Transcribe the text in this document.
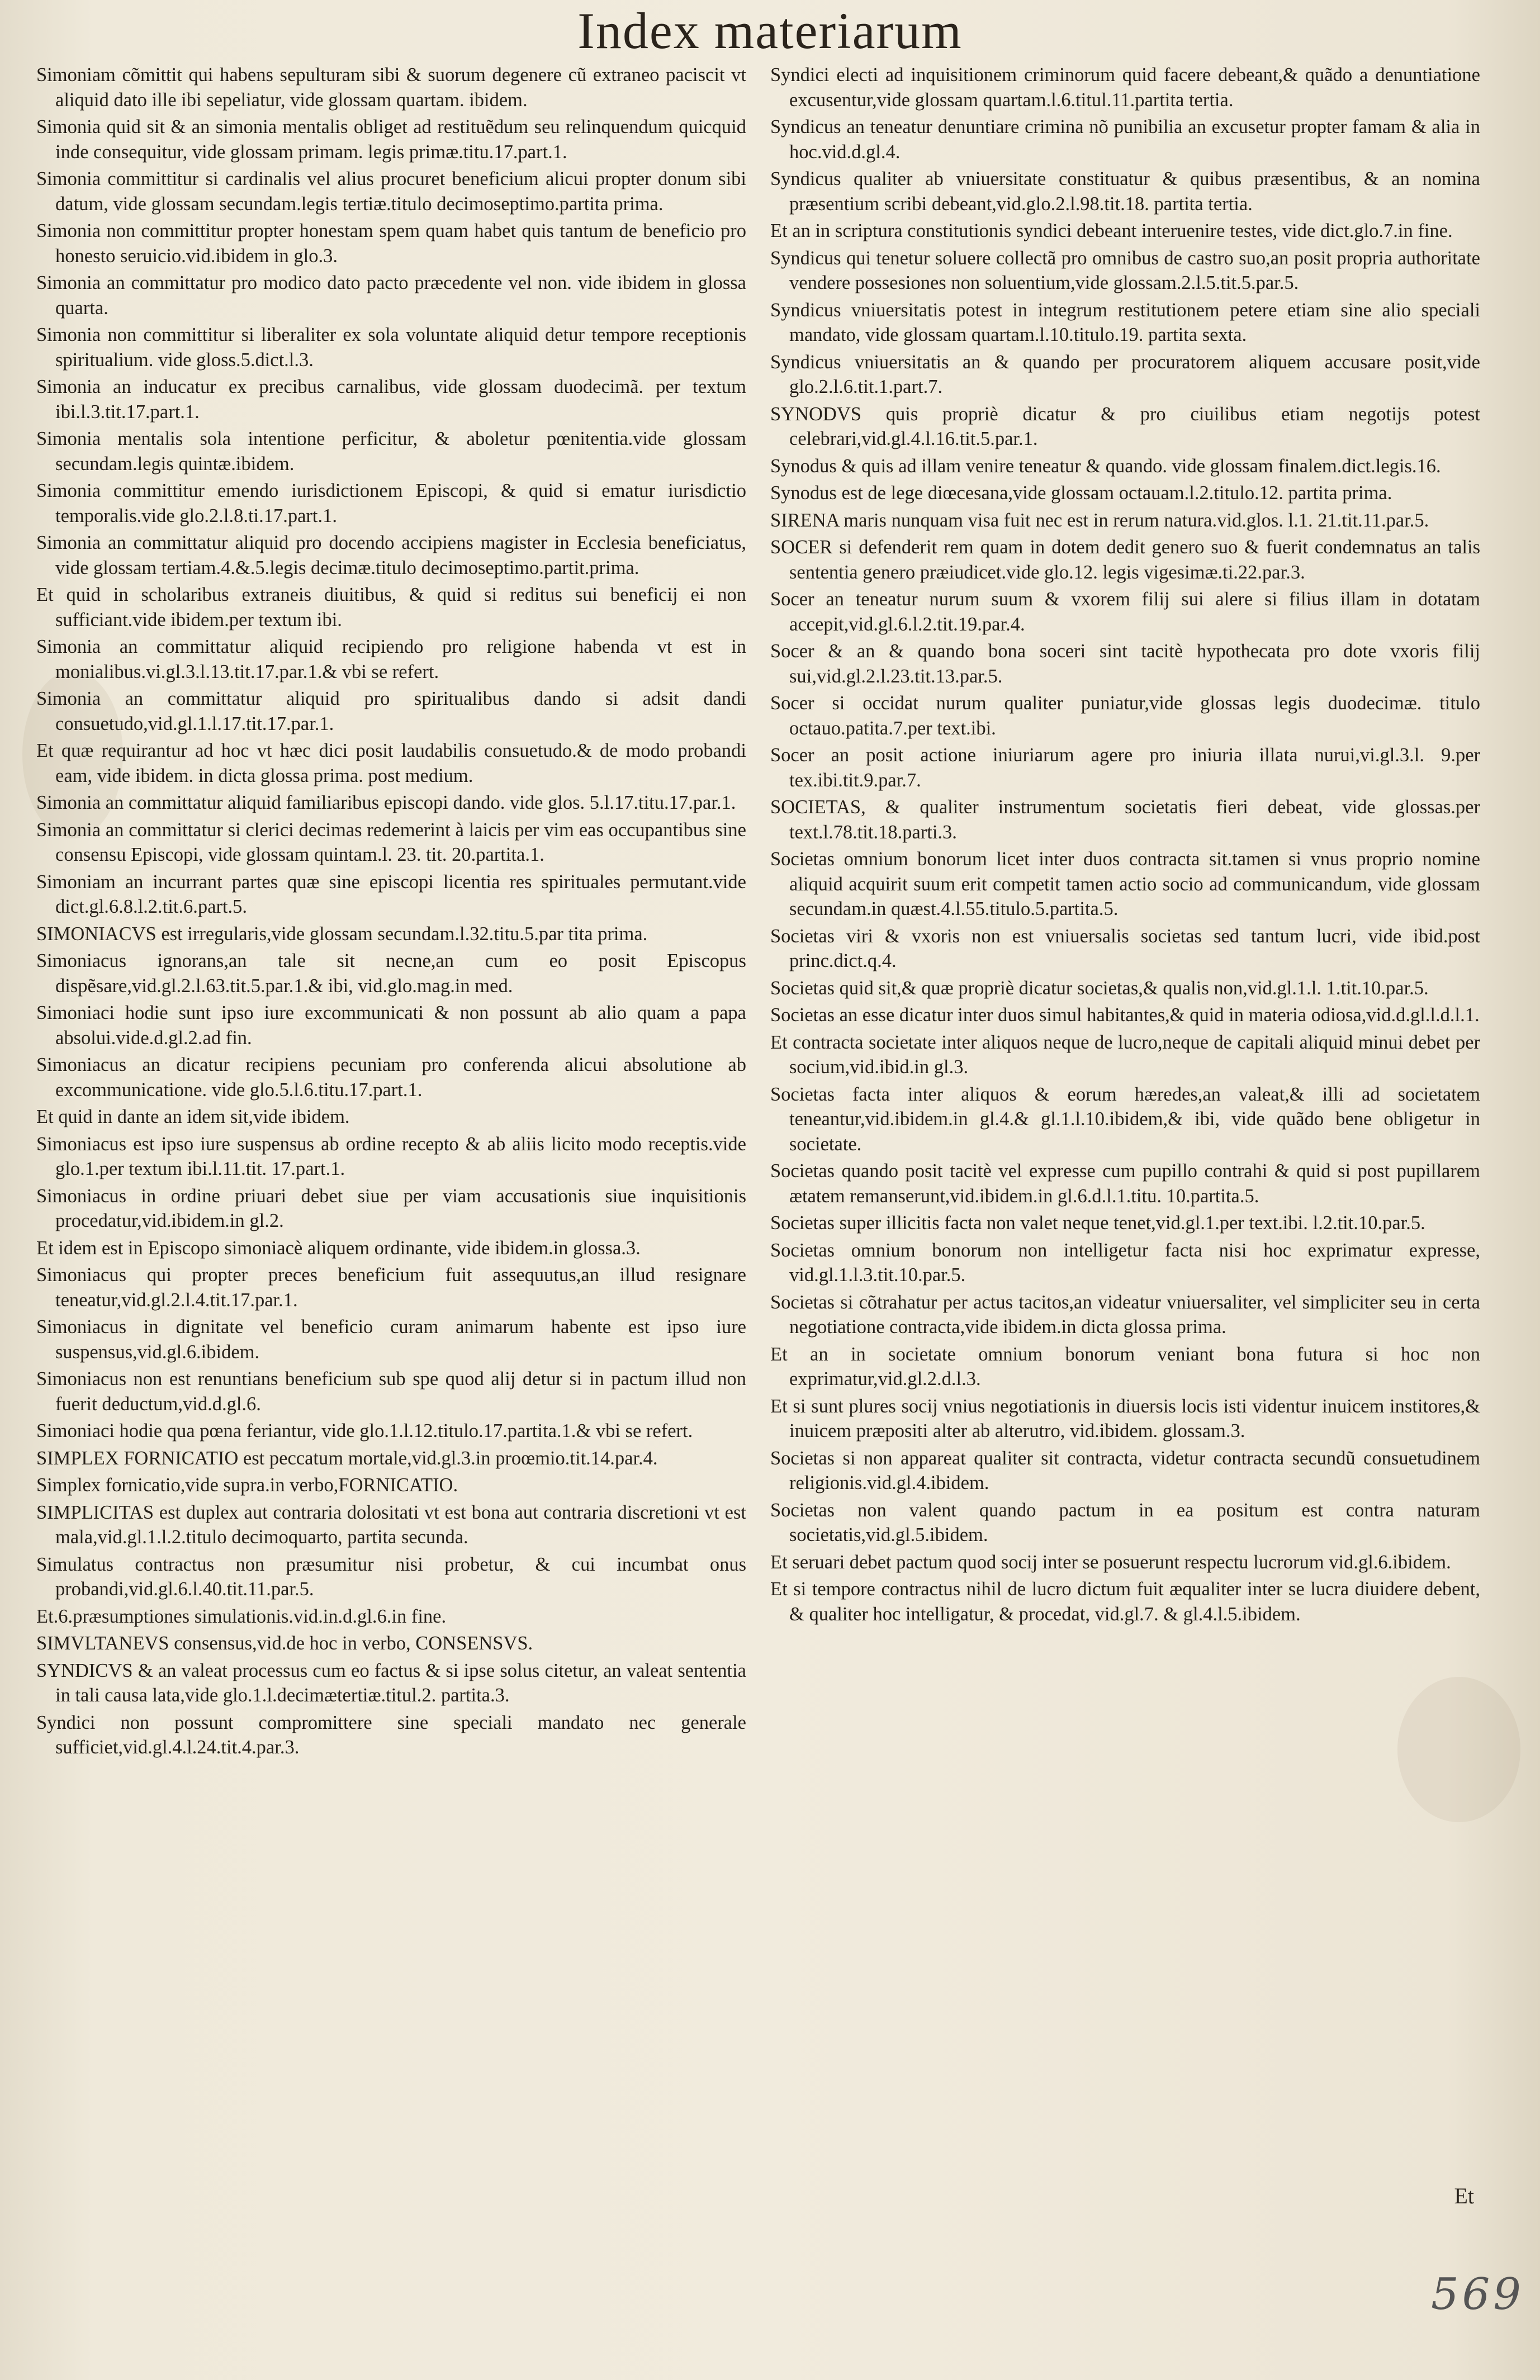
Index materiarum
Simoniam cõmittit qui habens sepulturam sibi & suorum degenere cũ extraneo paciscit vt aliquid dato ille ibi sepeliatur, vide glossam quartam. ibidem.
Simonia quid sit & an simonia mentalis obliget ad restituẽdum seu relinquendum quicquid inde consequitur, vide glossam primam. legis primæ.titu.17.part.1.
Simonia committitur si cardinalis vel alius procuret beneficium alicui propter donum sibi datum, vide glossam secundam.legis tertiæ.titulo decimoseptimo.partita prima.
Simonia non committitur propter honestam spem quam habet quis tantum de beneficio pro honesto seruicio.vid.ibidem in glo.3.
Simonia an committatur pro modico dato pacto præcedente vel non. vide ibidem in glossa quarta.
Simonia non committitur si liberaliter ex sola voluntate aliquid detur tempore receptionis spiritualium. vide gloss.5.dict.l.3.
Simonia an inducatur ex precibus carnalibus, vide glossam duodecimã. per textum ibi.l.3.tit.17.part.1.
Simonia mentalis sola intentione perficitur, & aboletur pœnitentia.vide glossam secundam.legis quintæ.ibidem.
Simonia committitur emendo iurisdictionem Episcopi, & quid si ematur iurisdictio temporalis.vide glo.2.l.8.ti.17.part.1.
Simonia an committatur aliquid pro docendo accipiens magister in Ecclesia beneficiatus, vide glossam tertiam.4.&.5.legis decimæ.titulo decimoseptimo.partit.prima.
Et quid in scholaribus extraneis diuitibus, & quid si reditus sui beneficij ei non sufficiant.vide ibidem.per textum ibi.
Simonia an committatur aliquid recipiendo pro religione habenda vt est in monialibus.vi.gl.3.l.13.tit.17.par.1.& vbi se refert.
Simonia an committatur aliquid pro spiritualibus dando si adsit dandi consuetudo,vid.gl.1.l.17.tit.17.par.1.
Et quæ requirantur ad hoc vt hæc dici posit laudabilis consuetudo.& de modo probandi eam, vide ibidem. in dicta glossa prima. post medium.
Simonia an committatur aliquid familiaribus episcopi dando. vide glos. 5.l.17.titu.17.par.1.
Simonia an committatur si clerici decimas redemerint à laicis per vim eas occupantibus sine consensu Episcopi, vide glossam quintam.l. 23. tit. 20.partita.1.
Simoniam an incurrant partes quæ sine episcopi licentia res spirituales permutant.vide dict.gl.6.8.l.2.tit.6.part.5.
SIMONIACVS est irregularis,vide glossam secundam.l.32.titu.5.par tita prima.
Simoniacus ignorans,an tale sit necne,an cum eo posit Episcopus dispẽsare,vid.gl.2.l.63.tit.5.par.1.& ibi, vid.glo.mag.in med.
Simoniaci hodie sunt ipso iure excommunicati & non possunt ab alio quam a papa absolui.vide.d.gl.2.ad fin.
Simoniacus an dicatur recipiens pecuniam pro conferenda alicui absolutione ab excommunicatione. vide glo.5.l.6.titu.17.part.1.
Et quid in dante an idem sit,vide ibidem.
Simoniacus est ipso iure suspensus ab ordine recepto & ab aliis licito modo receptis.vide glo.1.per textum ibi.l.11.tit. 17.part.1.
Simoniacus in ordine priuari debet siue per viam accusationis siue inquisitionis procedatur,vid.ibidem.in gl.2.
Et idem est in Episcopo simoniacè aliquem ordinante, vide ibidem.in glossa.3.
Simoniacus qui propter preces beneficium fuit assequutus,an illud resignare teneatur,vid.gl.2.l.4.tit.17.par.1.
Simoniacus in dignitate vel beneficio curam animarum habente est ipso iure suspensus,vid.gl.6.ibidem.
Simoniacus non est renuntians beneficium sub spe quod alij detur si in pactum illud non fuerit deductum,vid.d.gl.6.
Simoniaci hodie qua pœna feriantur, vide glo.1.l.12.titulo.17.partita.1.& vbi se refert.
SIMPLEX FORNICATIO est peccatum mortale,vid.gl.3.in proœmio.tit.14.par.4.
Simplex fornicatio,vide supra.in verbo,FORNICATIO.
SIMPLICITAS est duplex aut contraria dolositati vt est bona aut contraria discretioni vt est mala,vid.gl.1.l.2.titulo decimoquarto, partita secunda.
Simulatus contractus non præsumitur nisi probetur, & cui incumbat onus probandi,vid.gl.6.l.40.tit.11.par.5.
Et.6.præsumptiones simulationis.vid.in.d.gl.6.in fine.
SIMVLTANEVS consensus,vid.de hoc in verbo, CONSENSVS.
SYNDICVS & an valeat processus cum eo factus & si ipse solus citetur, an valeat sententia in tali causa lata,vide glo.1.l.decimætertiæ.titul.2. partita.3.
Syndici non possunt compromittere sine speciali mandato nec generale sufficiet,vid.gl.4.l.24.tit.4.par.3.
Syndici electi ad inquisitionem criminorum quid facere debeant,& quãdo a denuntiatione excusentur,vide glossam quartam.l.6.titul.11.partita tertia.
Syndicus an teneatur denuntiare crimina nõ punibilia an excusetur propter famam & alia in hoc.vid.d.gl.4.
Syndicus qualiter ab vniuersitate constituatur & quibus præsentibus, & an nomina præsentium scribi debeant,vid.glo.2.l.98.tit.18. partita tertia.
Et an in scriptura constitutionis syndici debeant interuenire testes, vide dict.glo.7.in fine.
Syndicus qui tenetur soluere collectã pro omnibus de castro suo,an posit propria authoritate vendere possesiones non soluentium,vide glossam.2.l.5.tit.5.par.5.
Syndicus vniuersitatis potest in integrum restitutionem petere etiam sine alio speciali mandato, vide glossam quartam.l.10.titulo.19. partita sexta.
Syndicus vniuersitatis an & quando per procuratorem aliquem accusare posit,vide glo.2.l.6.tit.1.part.7.
SYNODVS quis propriè dicatur & pro ciuilibus etiam negotijs potest celebrari,vid.gl.4.l.16.tit.5.par.1.
Synodus & quis ad illam venire teneatur & quando. vide glossam finalem.dict.legis.16.
Synodus est de lege diœcesana,vide glossam octauam.l.2.titulo.12. partita prima.
SIRENA maris nunquam visa fuit nec est in rerum natura.vid.glos. l.1. 21.tit.11.par.5.
SOCER si defenderit rem quam in dotem dedit genero suo & fuerit condemnatus an talis sententia genero præiudicet.vide glo.12. legis vigesimæ.ti.22.par.3.
Socer an teneatur nurum suum & vxorem filij sui alere si filius illam in dotatam accepit,vid.gl.6.l.2.tit.19.par.4.
Socer & an & quando bona soceri sint tacitè hypothecata pro dote vxoris filij sui,vid.gl.2.l.23.tit.13.par.5.
Socer si occidat nurum qualiter puniatur,vide glossas legis duodecimæ. titulo octauo.patita.7.per text.ibi.
Socer an posit actione iniuriarum agere pro iniuria illata nurui,vi.gl.3.l. 9.per tex.ibi.tit.9.par.7.
SOCIETAS, & qualiter instrumentum societatis fieri debeat, vide glossas.per text.l.78.tit.18.parti.3.
Societas omnium bonorum licet inter duos contracta sit.tamen si vnus proprio nomine aliquid acquirit suum erit competit tamen actio socio ad communicandum, vide glossam secundam.in quæst.4.l.55.titulo.5.partita.5.
Societas viri & vxoris non est vniuersalis societas sed tantum lucri, vide ibid.post princ.dict.q.4.
Societas quid sit,& quæ propriè dicatur societas,& qualis non,vid.gl.1.l. 1.tit.10.par.5.
Societas an esse dicatur inter duos simul habitantes,& quid in materia odiosa,vid.d.gl.l.d.l.1.
Et contracta societate inter aliquos neque de lucro,neque de capitali aliquid minui debet per socium,vid.ibid.in gl.3.
Societas facta inter aliquos & eorum hæredes,an valeat,& illi ad societatem teneantur,vid.ibidem.in gl.4.& gl.1.l.10.ibidem,& ibi, vide quãdo bene obligetur in societate.
Societas quando posit tacitè vel expresse cum pupillo contrahi & quid si post pupillarem ætatem remanserunt,vid.ibidem.in gl.6.d.l.1.titu. 10.partita.5.
Societas super illicitis facta non valet neque tenet,vid.gl.1.per text.ibi. l.2.tit.10.par.5.
Societas omnium bonorum non intelligetur facta nisi hoc exprimatur expresse, vid.gl.1.l.3.tit.10.par.5.
Societas si cõtrahatur per actus tacitos,an videatur vniuersaliter, vel simpliciter seu in certa negotiatione contracta,vide ibidem.in dicta glossa prima.
Et an in societate omnium bonorum veniant bona futura si hoc non exprimatur,vid.gl.2.d.l.3.
Et si sunt plures socij vnius negotiationis in diuersis locis isti videntur inuicem institores,& inuicem præpositi alter ab alterutro, vid.ibidem. glossam.3.
Societas si non appareat qualiter sit contracta, videtur contracta secundũ consuetudinem religionis.vid.gl.4.ibidem.
Societas non valent quando pactum in ea positum est contra naturam societatis,vid.gl.5.ibidem.
Et seruari debet pactum quod socij inter se posuerunt respectu lucrorum vid.gl.6.ibidem.
Et si tempore contractus nihil de lucro dictum fuit æqualiter inter se lucra diuidere debent, & qualiter hoc intelligatur, & procedat, vid.gl.7. & gl.4.l.5.ibidem.
Et
569
